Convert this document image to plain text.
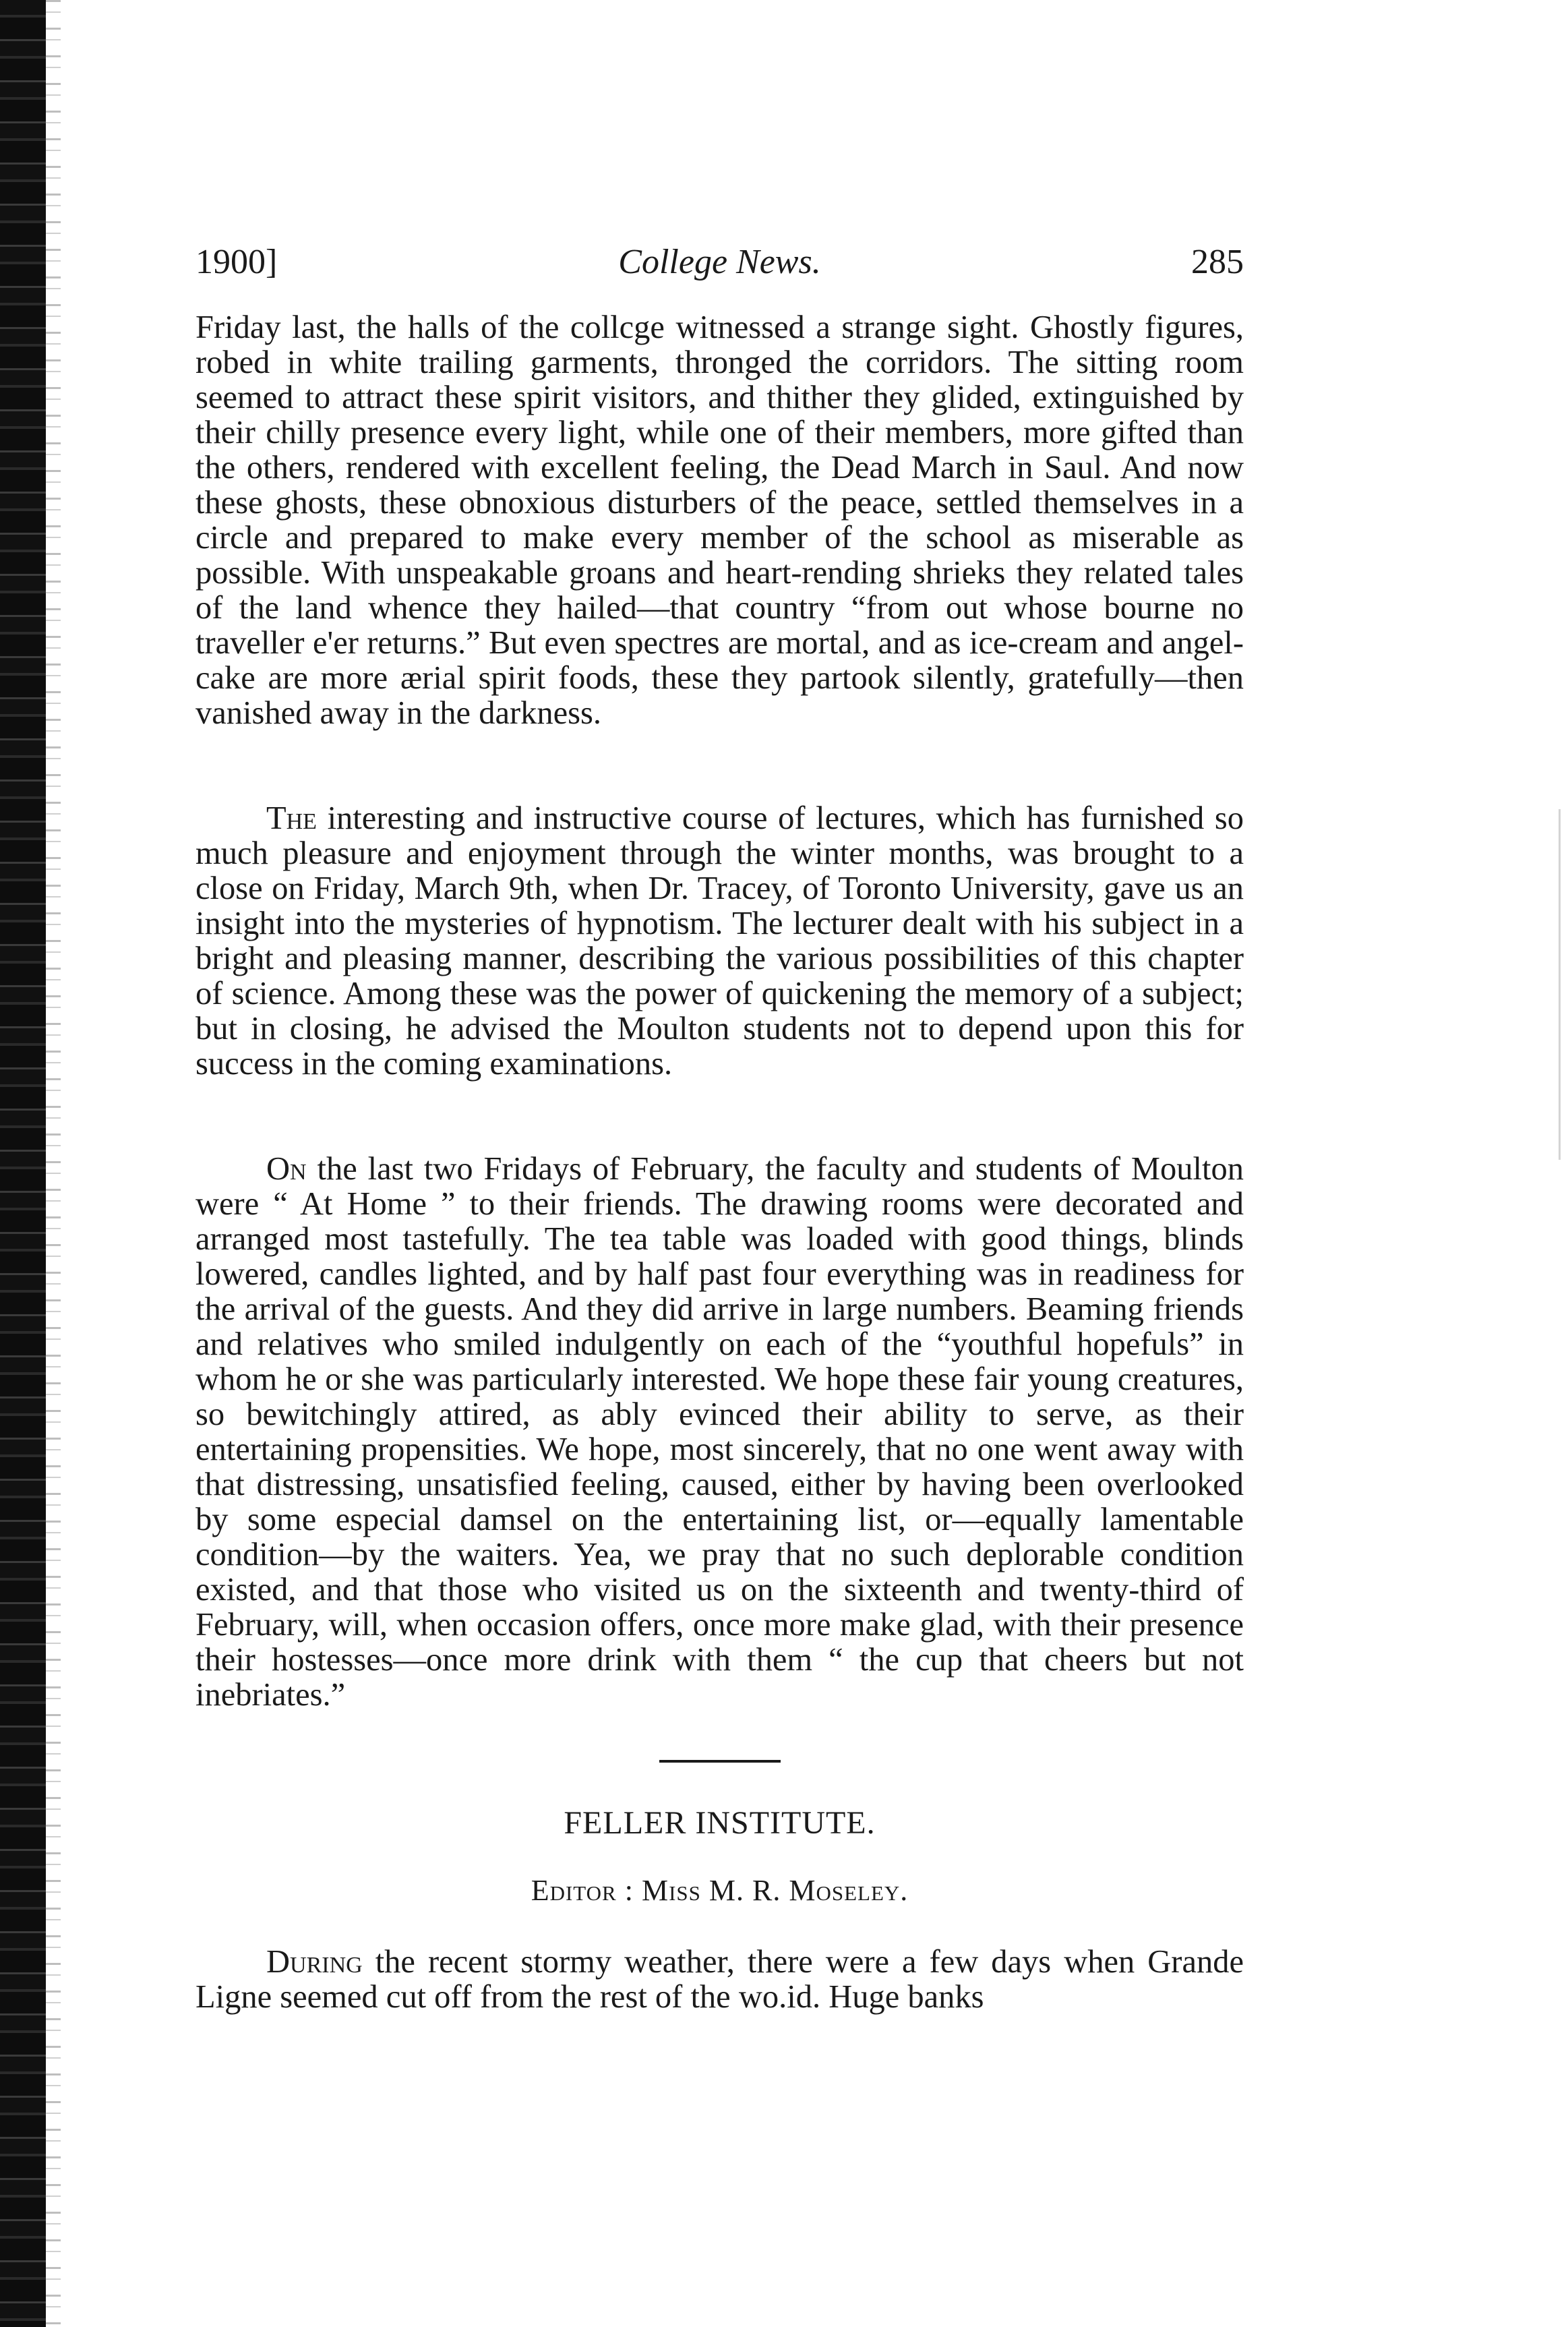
1900]	College News.	285

Friday last, the halls of the collcge witnessed a strange sight. Ghostly figures, robed in white trailing garments, thronged the corridors. The sitting room seemed to attract these spirit visitors, and thither they glided, extinguished by their chilly presence every light, while one of their members, more gifted than the others, rendered with excellent feeling, the Dead March in Saul. And now these ghosts, these obnoxious disturbers of the peace, settled themselves in a circle and prepared to make every member of the school as miserable as possible. With unspeakable groans and heart-rending shrieks they related tales of the land whence they hailed—that country “from out whose bourne no traveller e'er returns.” But even spectres are mortal, and as ice-cream and angel-cake are more ærial spirit foods, these they partook silently, gratefully—then vanished away in the darkness.

The interesting and instructive course of lectures, which has furnished so much pleasure and enjoyment through the winter months, was brought to a close on Friday, March 9th, when Dr. Tracey, of Toronto University, gave us an insight into the mysteries of hypnotism. The lecturer dealt with his subject in a bright and pleasing manner, describing the various possibilities of this chapter of science. Among these was the power of quickening the memory of a subject; but in closing, he advised the Moulton students not to depend upon this for success in the coming examinations.

On the last two Fridays of February, the faculty and students of Moulton were “ At Home ” to their friends. The drawing rooms were decorated and arranged most tastefully. The tea table was loaded with good things, blinds lowered, candles lighted, and by half past four everything was in readiness for the arrival of the guests. And they did arrive in large numbers. Beaming friends and relatives who smiled indulgently on each of the “youthful hopefuls” in whom he or she was particularly interested. We hope these fair young creatures, so bewitchingly attired, as ably evinced their ability to serve, as their entertaining propensities. We hope, most sincerely, that no one went away with that distressing, unsatisfied feeling, caused, either by having been overlooked by some especial damsel on the entertaining list, or—equally lamentable condition—by the waiters. Yea, we pray that no such deplorable condition existed, and that those who visited us on the sixteenth and twenty-third of February, will, when occasion offers, once more make glad, with their presence their hostesses—once more drink with them “ the cup that cheers but not inebriates.”

FELLER INSTITUTE.

Editor : Miss M. R. Moseley.

During the recent stormy weather, there were a few days when Grande Ligne seemed cut off from the rest of the wo.id. Huge banks
